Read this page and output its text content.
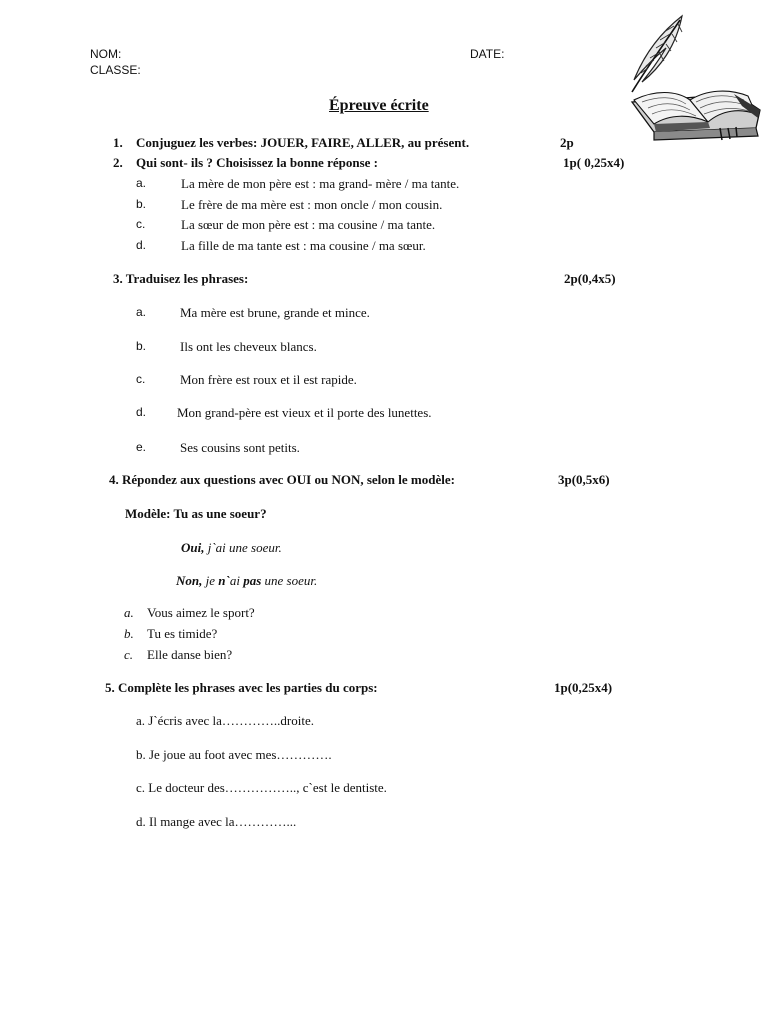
NOM:	DATE:
CLASSE:
Épreuve écrite
1. Conjuguez les verbes: JOUER, FAIRE, ALLER, au présent.	2p
2. Qui sont- ils ? Choisissez la bonne réponse :	1p( 0,25x4)
a.	La mère de mon père est : ma grand- mère / ma tante.
b.	Le frère de ma mère est : mon oncle / mon cousin.
c.	La sœur de mon père est : ma cousine / ma tante.
d.	La fille de ma tante est : ma cousine / ma sœur.
3. Traduisez les phrases:	2p(0,4x5)
a.	Ma mère est brune, grande et mince.
b.	Ils ont les cheveux blancs.
c.	Mon frère est roux et il est rapide.
d. Mon grand-père est vieux et il porte des lunettes.
e.	Ses cousins sont petits.
4. Répondez aux questions avec OUI ou NON, selon le modèle:	3p(0,5x6)
Modèle: Tu as une soeur?
Oui, j`ai une soeur.
Non, je n`ai pas une soeur.
a. Vous aimez le sport?
b. Tu es timide?
c. Elle danse bien?
5. Complète les phrases avec les parties du corps:	1p(0,25x4)
a. J`écris avec la…………..droite.
b. Je joue au foot avec mes………….
c. Le docteur des…………….., c`est le dentiste.
d. Il mange avec la…………...
